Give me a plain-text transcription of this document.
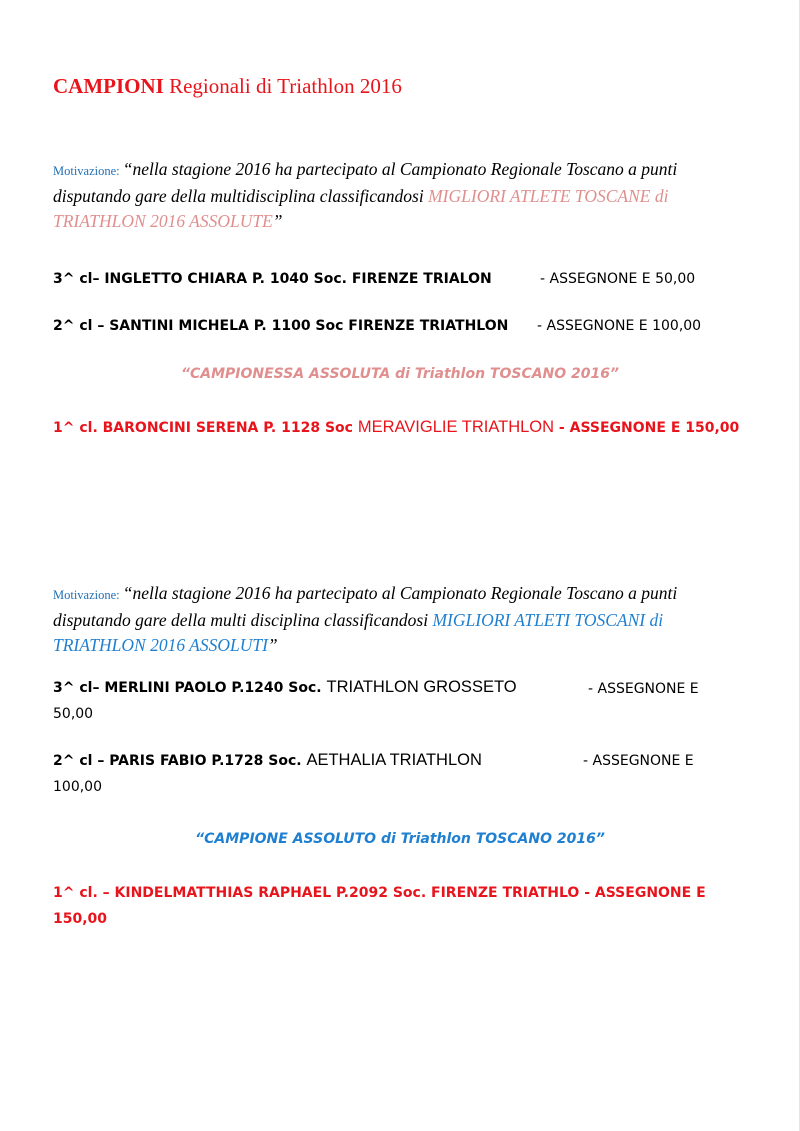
CAMPIONI Regionali di Triathlon 2016
Motivazione: “nella stagione 2016 ha partecipato al Campionato Regionale Toscano a punti disputando gare della multidisciplina classificandosi MIGLIORI ATLETE TOSCANE di TRIATHLON 2016 ASSOLUTE”
3^ cl– INGLETTO CHIARA P. 1040 Soc. FIRENZE TRIALON	- ASSEGNONE E 50,00
2^ cl – SANTINI MICHELA P. 1100 Soc FIRENZE TRIATHLON - ASSEGNONE E 100,00
“CAMPIONESSA ASSOLUTA di Triathlon TOSCANO 2016”
1^ cl. BARONCINI SERENA P. 1128 Soc MERAVIGLIE TRIATHLON - ASSEGNONE E 150,00
Motivazione: “nella stagione 2016 ha partecipato al Campionato Regionale Toscano a punti disputando gare della multi disciplina classificandosi MIGLIORI ATLETI TOSCANI di TRIATHLON 2016 ASSOLUTI”
3^ cl– MERLINI PAOLO P.1240 Soc. TRIATHLON GROSSETO	- ASSEGNONE E
50,00
2^ cl – PARIS FABIO P.1728 Soc. AETHALIA TRIATHLON	- ASSEGNONE E
100,00
“CAMPIONE ASSOLUTO di Triathlon TOSCANO 2016”
1^ cl. – KINDELMATTHIAS RAPHAEL P.2092 Soc. FIRENZE TRIATHLO - ASSEGNONE E
150,00
